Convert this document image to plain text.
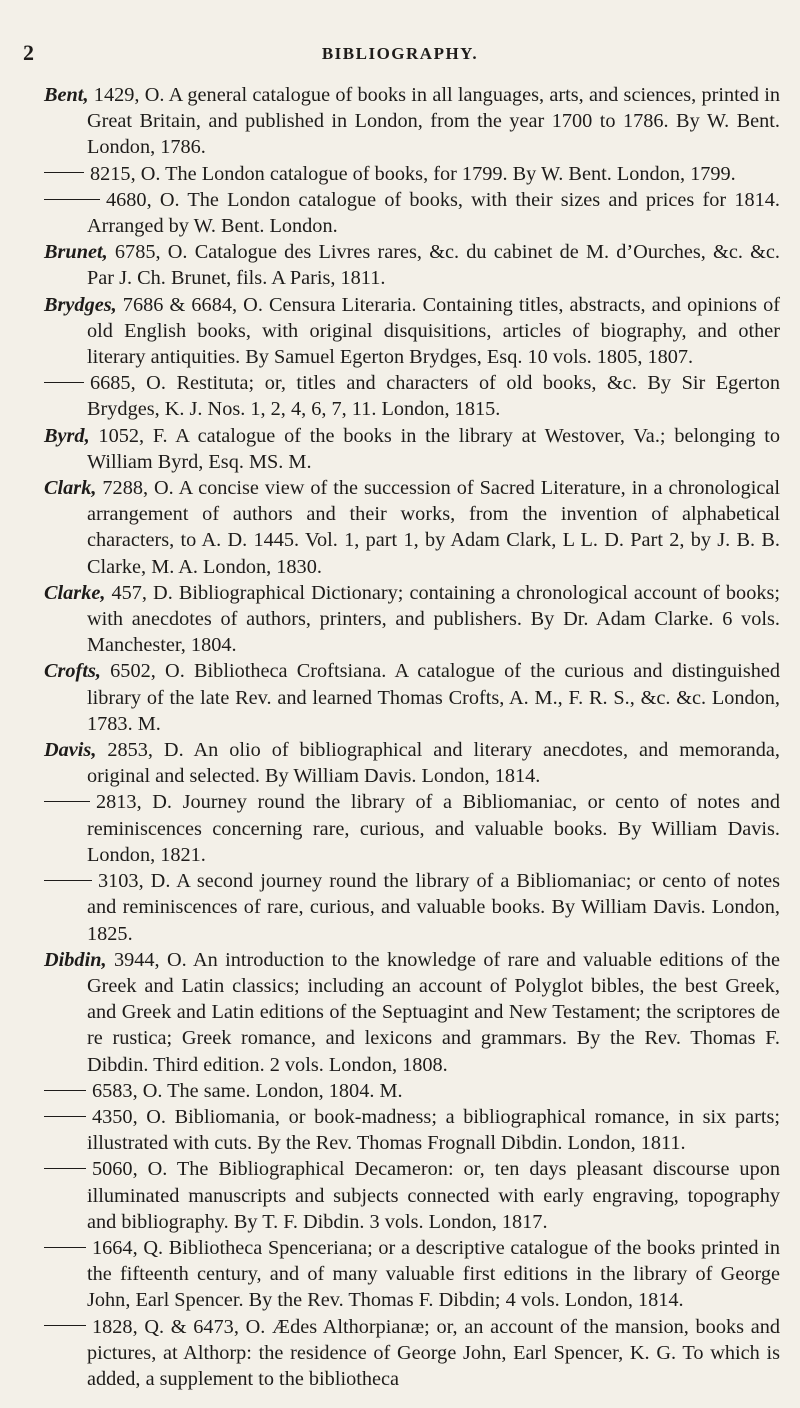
2	BIBLIOGRAPHY.
Bent, 1429, O. A general catalogue of books in all languages, arts, and sciences, printed in Great Britain, and published in London, from the year 1700 to 1786. By W. Bent. London, 1786.
8215, O. The London catalogue of books, for 1799. By W. Bent. London, 1799.
4680, O. The London catalogue of books, with their sizes and prices for 1814. Arranged by W. Bent. London.
Brunet, 6785, O. Catalogue des Livres rares, &c. du cabinet de M. d’Ourches, &c. &c. Par J. Ch. Brunet, fils. A Paris, 1811.
Brydges, 7686 & 6684, O. Censura Literaria. Containing titles, abstracts, and opinions of old English books, with original disquisitions, articles of biography, and other literary antiquities. By Samuel Egerton Brydges, Esq. 10 vols. 1805, 1807.
6685, O. Restituta; or, titles and characters of old books, &c. By Sir Egerton Brydges, K. J. Nos. 1, 2, 4, 6, 7, 11. London, 1815.
Byrd, 1052, F. A catalogue of the books in the library at Westover, Va.; belonging to William Byrd, Esq. MS. M.
Clark, 7288, O. A concise view of the succession of Sacred Literature, in a chronological arrangement of authors and their works, from the invention of alphabetical characters, to A. D. 1445. Vol. 1, part 1, by Adam Clark, L L. D. Part 2, by J. B. B. Clarke, M. A. London, 1830.
Clarke, 457, D. Bibliographical Dictionary; containing a chronological account of books; with anecdotes of authors, printers, and publishers. By Dr. Adam Clarke. 6 vols. Manchester, 1804.
Crofts, 6502, O. Bibliotheca Croftsiana. A catalogue of the curious and distinguished library of the late Rev. and learned Thomas Crofts, A. M., F. R. S., &c. &c. London, 1783. M.
Davis, 2853, D. An olio of bibliographical and literary anecdotes, and memoranda, original and selected. By William Davis. London, 1814.
2813, D. Journey round the library of a Bibliomaniac, or cento of notes and reminiscences concerning rare, curious, and valuable books. By William Davis. London, 1821.
3103, D. A second journey round the library of a Bibliomaniac; or cento of notes and reminiscences of rare, curious, and valuable books. By William Davis. London, 1825.
Dibdin, 3944, O. An introduction to the knowledge of rare and valuable editions of the Greek and Latin classics; including an account of Polyglot bibles, the best Greek, and Greek and Latin editions of the Septuagint and New Testament; the scriptores de re rustica; Greek romance, and lexicons and grammars. By the Rev. Thomas F. Dibdin. Third edition. 2 vols. London, 1808.
6583, O. The same. London, 1804. M.
4350, O. Bibliomania, or book-madness; a bibliographical romance, in six parts; illustrated with cuts. By the Rev. Thomas Frognall Dibdin. London, 1811.
5060, O. The Bibliographical Decameron: or, ten days pleasant discourse upon illuminated manuscripts and subjects connected with early engraving, topography and bibliography. By T. F. Dibdin. 3 vols. London, 1817.
1664, Q. Bibliotheca Spenceriana; or a descriptive catalogue of the books printed in the fifteenth century, and of many valuable first editions in the library of George John, Earl Spencer. By the Rev. Thomas F. Dibdin; 4 vols. London, 1814.
1828, Q. & 6473, O. Ædes Althorpianæ; or, an account of the mansion, books and pictures, at Althorp: the residence of George John, Earl Spencer, K. G. To which is added, a supplement to the bibliotheca
